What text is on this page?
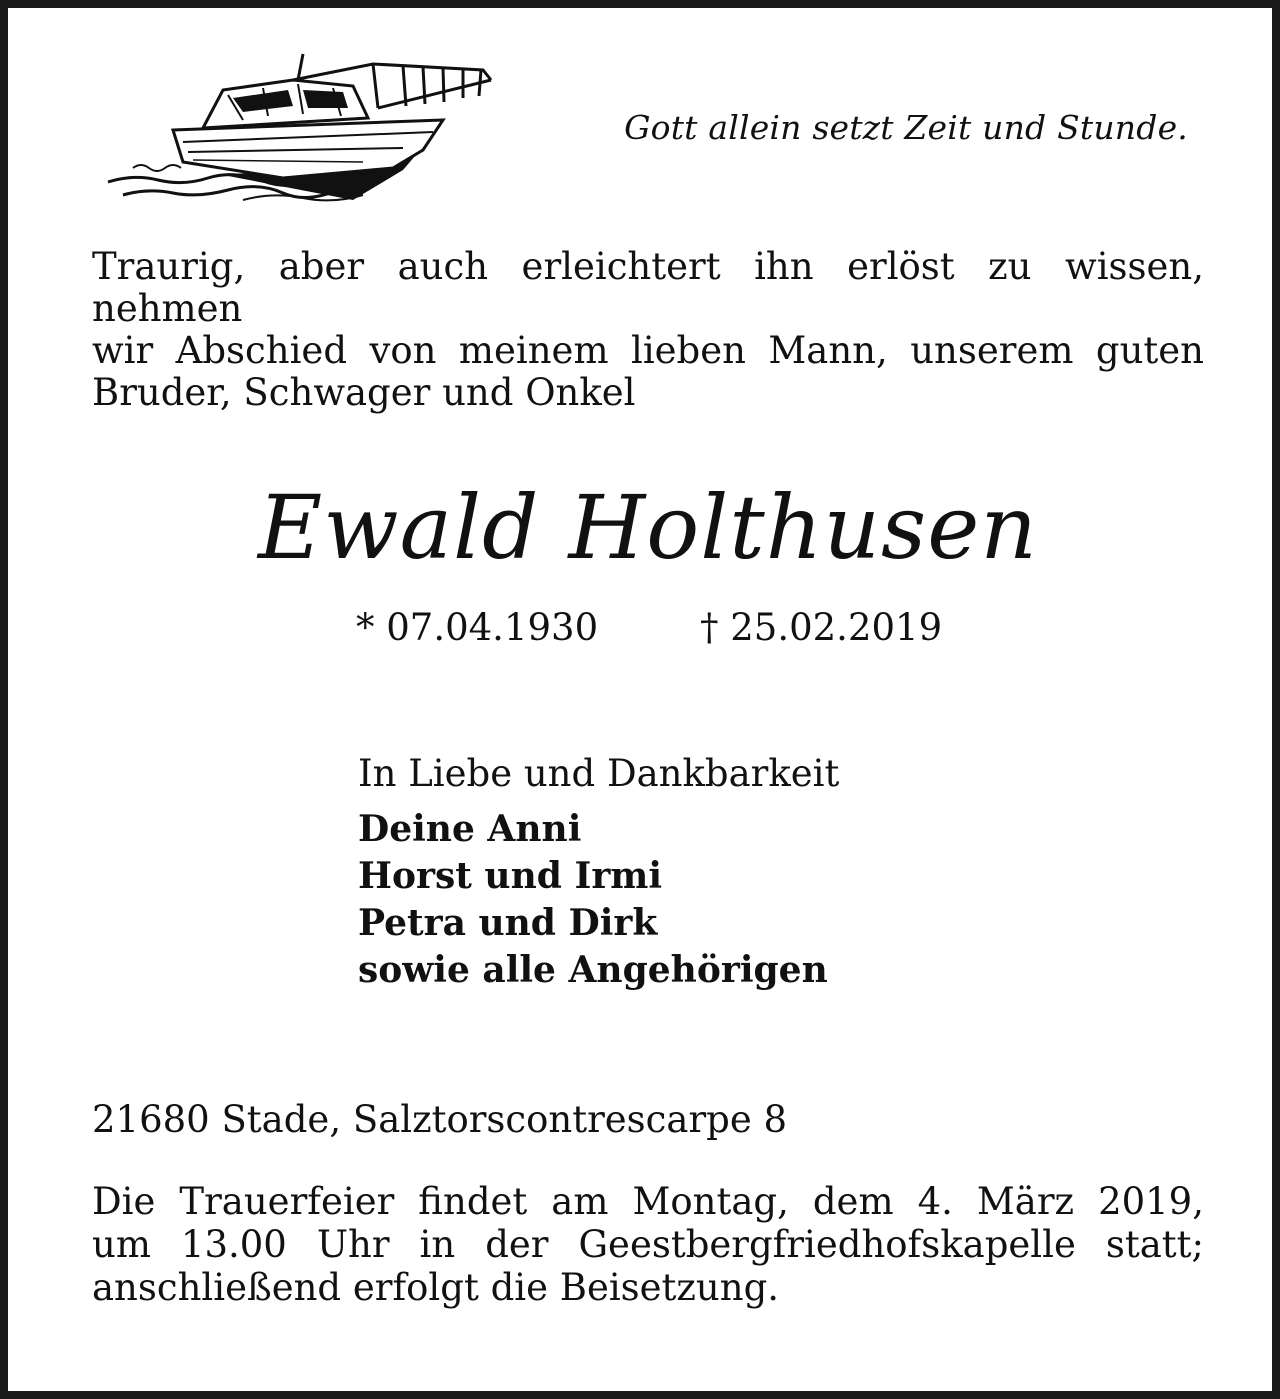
Gott allein setzt Zeit und Stunde.
Traurig, aber auch erleichtert ihn erlöst zu wissen, nehmen
wir Abschied von meinem lieben Mann, unserem guten
Bruder, Schwager und Onkel
Ewald Holthusen
* 07.04.1930	† 25.02.2019
In Liebe und Dankbarkeit
Deine Anni
Horst und Irmi
Petra und Dirk
sowie alle Angehörigen
21680 Stade, Salztorscontrescarpe 8
Die Trauerfeier findet am Montag, dem 4. März 2019,
um 13.00 Uhr in der Geestbergfriedhofskapelle statt;
anschließend erfolgt die Beisetzung.
